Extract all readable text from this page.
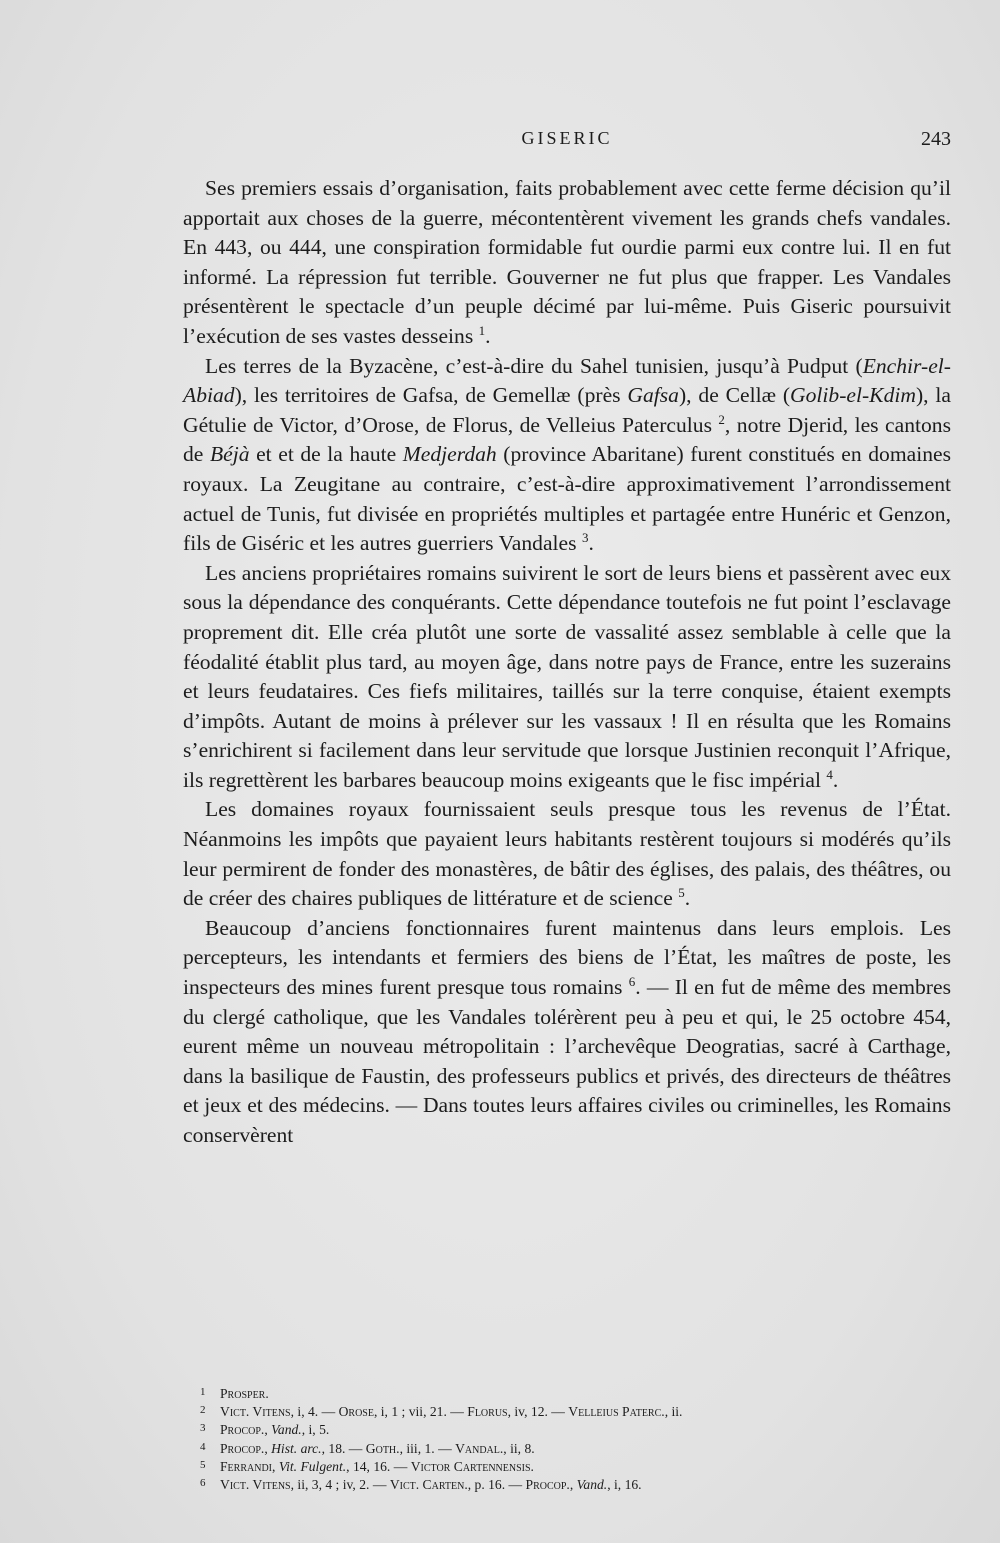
GISERIC	243

Ses premiers essais d’organisation, faits probablement avec cette ferme décision qu’il apportait aux choses de la guerre, mécontentèrent vivement les grands chefs vandales. En 443, ou 444, une conspiration formidable fut ourdie parmi eux contre lui. Il en fut informé. La répression fut terrible. Gouverner ne fut plus que frapper. Les Vandales présentèrent le spectacle d’un peuple décimé par lui-même. Puis Giseric poursuivit l’exécution de ses vastes desseins $^1$.

Les terres de la Byzacène, c’est-à-dire du Sahel tunisien, jusqu’à Pudput (Enchir-el-Abiad), les territoires de Gafsa, de Gemellæ (près Gafsa), de Cellæ (Golib-el-Kdim), la Gétulie de Victor, d’Orose, de Florus, de Velleius Paterculus $^2$, notre Djerid, les cantons de Béjà et et de la haute Medjerdah (province Abaritane) furent constitués en domaines royaux. La Zeugitane au contraire, c’est-à-dire approximativement l’arrondissement actuel de Tunis, fut divisée en propriétés multiples et partagée entre Hunéric et Genzon, fils de Giséric et les autres guerriers Vandales $^3$.

Les anciens propriétaires romains suivirent le sort de leurs biens et passèrent avec eux sous la dépendance des conquérants. Cette dépendance toutefois ne fut point l’esclavage proprement dit. Elle créa plutôt une sorte de vassalité assez semblable à celle que la féodalité établit plus tard, au moyen âge, dans notre pays de France, entre les suzerains et leurs feudataires. Ces fiefs militaires, taillés sur la terre conquise, étaient exempts d’impôts. Autant de moins à prélever sur les vassaux ! Il en résulta que les Romains s’enrichirent si facilement dans leur servitude que lorsque Justinien reconquit l’Afrique, ils regrettèrent les barbares beaucoup moins exigeants que le fisc impérial $^4$.

Les domaines royaux fournissaient seuls presque tous les revenus de l’État. Néanmoins les impôts que payaient leurs habitants restèrent toujours si modérés qu’ils leur permirent de fonder des monastères, de bâtir des églises, des palais, des théâtres, ou de créer des chaires publiques de littérature et de science $^5$.

Beaucoup d’anciens fonctionnaires furent maintenus dans leurs emplois. Les percepteurs, les intendants et fermiers des biens de l’État, les maîtres de poste, les inspecteurs des mines furent presque tous romains $^6$. — Il en fut de même des membres du clergé catholique, que les Vandales tolérèrent peu à peu et qui, le 25 octobre 454, eurent même un nouveau métropolitain : l’archevêque Deogratias, sacré à Carthage, dans la basilique de Faustin, des professeurs publics et privés, des directeurs de théâtres et jeux et des médecins. — Dans toutes leurs affaires civiles ou criminelles, les Romains conservèrent

1 Prosper.
2 Vict. Vitens, i, 4. — Orose, i, 1 ; vii, 21. — Florus, iv, 12. — Velleius Paterc., ii.
3 Procop., Vand., i, 5.
4 Procop., Hist. arc., 18. — Goth., iii, 1. — Vandal., ii, 8.
5 Ferrandi, Vit. Fulgent., 14, 16. — Victor Cartennensis.
6 Vict. Vitens, ii, 3, 4 ; iv, 2. — Vict. Carten., p. 16. — Procop., Vand., i, 16.
